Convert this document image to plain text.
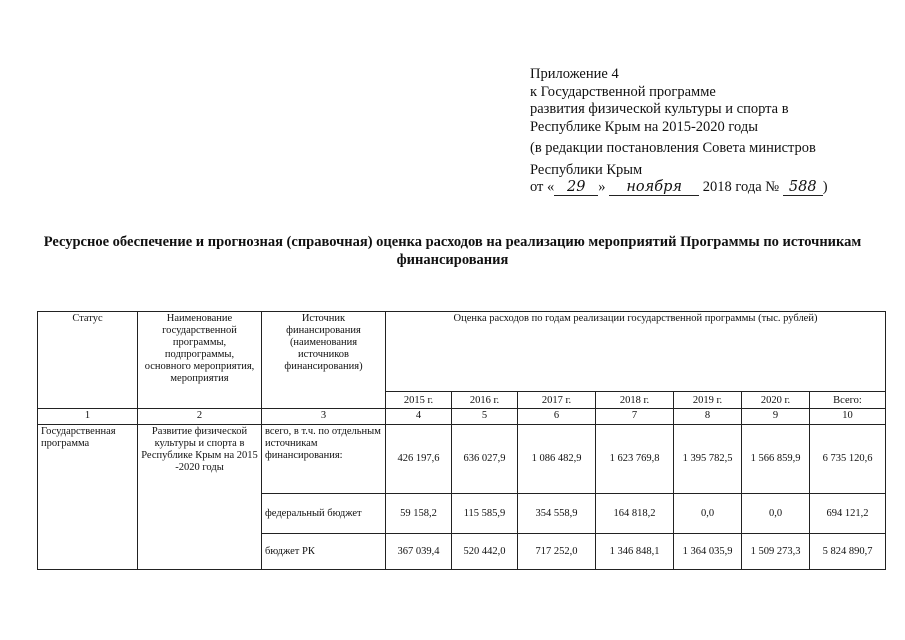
Приложение 4
к Государственной программе
развития физической культуры и спорта в
Республике Крым на 2015-2020 годы
(в редакции постановления Совета министров
Республики Крым
от « 29 » ноября 2018 года № 588 )
Ресурсное обеспечение и прогнозная (справочная) оценка расходов на реализацию мероприятий Программы по источникам финансирования
Статус	Наименование государственной программы, подпрограммы, основного мероприятия, мероприятия	Источник финансирования (наименования источников финансирования)	Оценка расходов по годам реализации государственной программы (тыс. рублей)						
			2015 г.	2016 г.	2017 г.	2018 г.	2019 г.	2020 г.	Всего:
1	2	3	4	5	6	7	8	9	10
Государственная программа	Развитие физической культуры и спорта в Республике Крым на 2015 -2020 годы	всего, в т.ч. по отдельным источникам финансирования:	426 197,6	636 027,9	1 086 482,9	1 623 769,8	1 395 782,5	1 566 859,9	6 735 120,6
		федеральный бюджет	59 158,2	115 585,9	354 558,9	164 818,2	0,0	0,0	694 121,2
		бюджет РК	367 039,4	520 442,0	717 252,0	1 346 848,1	1 364 035,9	1 509 273,3	5 824 890,7
